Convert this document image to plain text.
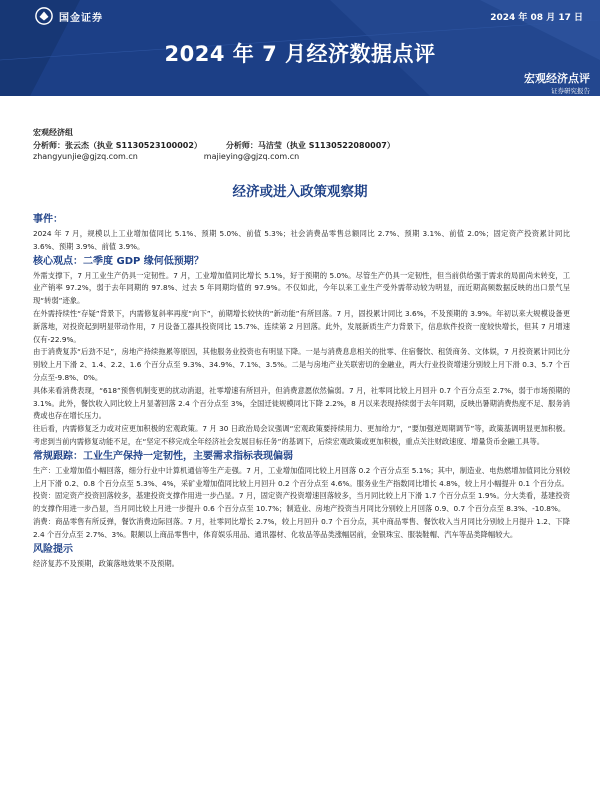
国金证券	2024 年 08 月 17 日
2024 年 7 月经济数据点评
宏观经济点评
证券研究报告
宏观经济组
分析师：张云杰（执业 S1130523100002）	分析师：马洁莹（执业 S1130522080007）
zhangyunjie@gjzq.com.cn	majieying@gjzq.com.cn
经济或进入政策观察期
事件：

2024 年 7 月，规模以上工业增加值同比 5.1%、预期 5.0%、前值 5.3%；社会消费品零售总额同比 2.7%、预期 3.1%、前值 2.0%；固定资产投资累计同比 3.6%、预期 3.9%、前值 3.9%。

核心观点：二季度 GDP 缘何低预期？

外需支撑下，7 月工业生产仍具一定韧性。7 月，工业增加值同比增长 5.1%，好于预期的 5.0%。尽管生产仍具一定韧性，但当前供给强于需求的局面尚未转变，工业产销率 97.2%，弱于去年同期的 97.8%、过去 5 年同期均值的 97.9%。不仅如此，今年以来工业生产受外需带动较为明显，而近期高频数据反映的出口景气呈现“转弱”迹象。

在外需持续性“存疑”背景下，内需修复斜率再度“向下”，前期增长较快的“新动能”有所回落。7 月，固投累计同比 3.6%，不及预期的 3.9%。年初以来大规模设备更新落地，对投资起到明显带动作用，7 月设备工器具投资同比 15.7%、连续第 2 月回落。此外，发展新质生产力背景下，信息软件投资一度较快增长，但其 7 月增速仅有-22.9%。

由于消费复苏“后劲不足”，房地产持续拖累等原因，其他服务业投资也有明显下降。一是与消费息息相关的批零、住宿餐饮、租赁商务、文体娱，7 月投资累计同比分别较上月下滑 2、1.4、2.2、1.6 个百分点至 9.3%、34.9%、7.1%、3.5%。二是与房地产业关联密切的金融业，两大行业投资增速分别较上月下滑 0.3、5.7 个百分点至-9.8%、0%。

具体来看消费表现，“618”预售机制变更的扰动消退，社零增速有所回升，但消费意愿依然偏弱。7 月，社零同比较上月回升 0.7 个百分点至 2.7%，弱于市场预期的 3.1%。此外，餐饮收入同比较上月显著回落 2.4 个百分点至 3%，全国迁徙规模同比下降 2.2%，8 月以来表现持续弱于去年同期，反映出暑期消费热度不足、服务消费或也存在增长压力。

往后看，内需修复乏力或对应更加积极的宏观政策。7 月 30 日政治局会议强调“宏观政策要持续用力、更加给力”，“要加强逆周期调节”等，政策基调明显更加积极。考虑到当前内需修复动能不足，在“坚定不移完成全年经济社会发展目标任务”的基调下，后续宏观政策或更加积极，重点关注财政速度、增量货币金融工具等。

常规跟踪：工业生产保持一定韧性，主要需求指标表现偏弱

生产：工业增加值小幅回落，细分行业中计算机通信等生产走强。7 月，工业增加值同比较上月回落 0.2 个百分点至 5.1%；其中，制造业、电热燃增加值同比分别较上月下滑 0.2、0.8 个百分点至 5.3%、4%，采矿业增加值同比较上月回升 0.2 个百分点至 4.6%。服务业生产指数同比增长 4.8%，较上月小幅提升 0.1 个百分点。

投资：固定资产投资回落较多，基建投资支撑作用进一步凸显。7 月，固定资产投资增速回落较多，当月同比较上月下滑 1.7 个百分点至 1.9%。分大类看，基建投资的支撑作用进一步凸显，当月同比较上月进一步提升 0.6 个百分点至 10.7%；制造业、房地产投资当月同比分别较上月回落 0.9、0.7 个百分点至 8.3%、-10.8%。

消费：商品零售有所反弹，餐饮消费边际回落。7 月，社零同比增长 2.7%，较上月回升 0.7 个百分点，其中商品零售、餐饮收入当月同比分别较上月提升 1.2、下降 2.4 个百分点至 2.7%、3%。限额以上商品零售中，体育娱乐用品、通讯器材、化妆品等品类涨幅居前，金银珠宝、服装鞋帽、汽车等品类降幅较大。

风险提示

经济复苏不及预期，政策落地效果不及预期。
